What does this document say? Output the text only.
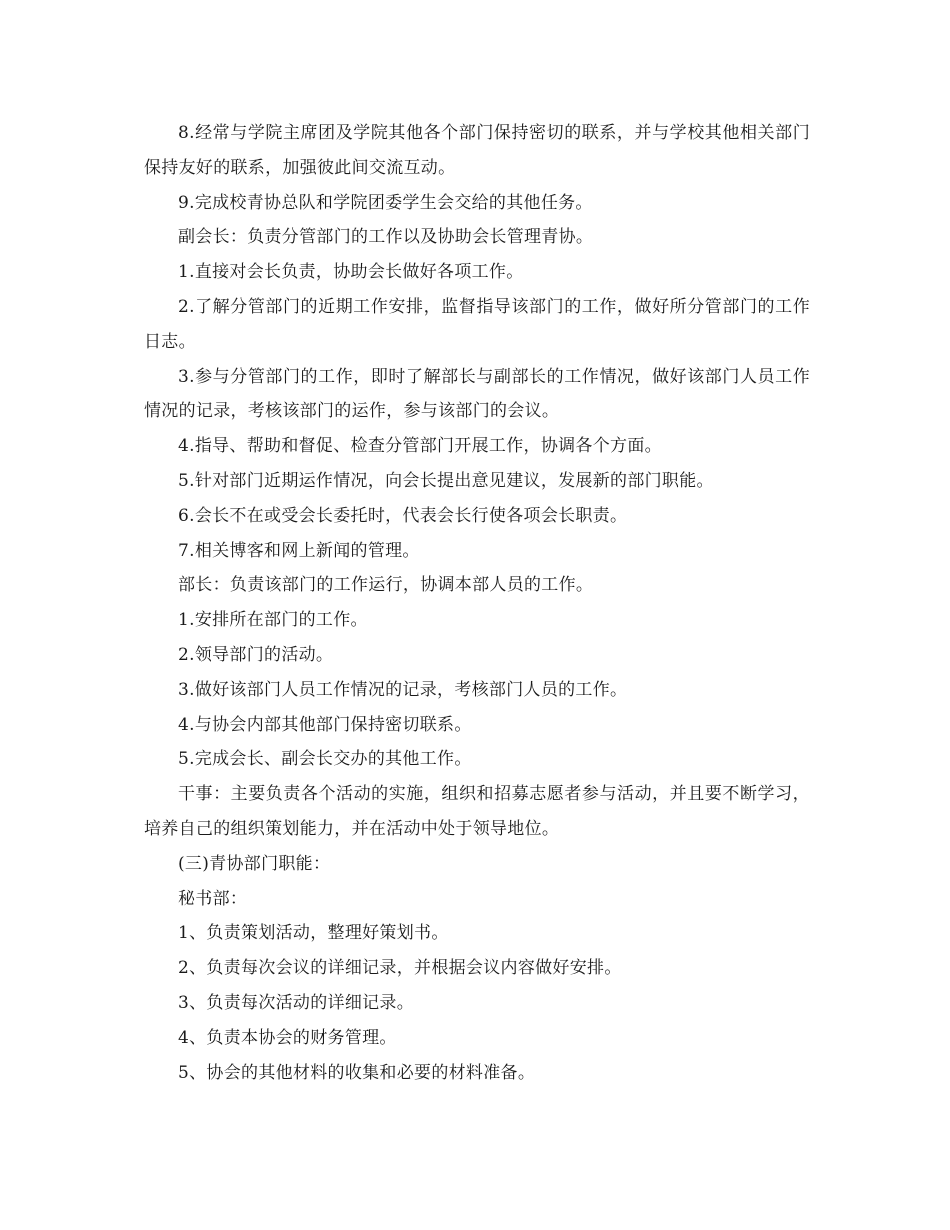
8.经常与学院主席团及学院其他各个部门保持密切的联系，并与学校其他相关部门保持友好的联系，加强彼此间交流互动。

9.完成校青协总队和学院团委学生会交给的其他任务。

副会长：负责分管部门的工作以及协助会长管理青协。

1.直接对会长负责，协助会长做好各项工作。

2.了解分管部门的近期工作安排，监督指导该部门的工作，做好所分管部门的工作日志。

3.参与分管部门的工作，即时了解部长与副部长的工作情况，做好该部门人员工作情况的记录，考核该部门的运作，参与该部门的会议。

4.指导、帮助和督促、检查分管部门开展工作，协调各个方面。

5.针对部门近期运作情况，向会长提出意见建议，发展新的部门职能。

6.会长不在或受会长委托时，代表会长行使各项会长职责。

7.相关博客和网上新闻的管理。

部长：负责该部门的工作运行，协调本部人员的工作。

1.安排所在部门的工作。

2.领导部门的活动。

3.做好该部门人员工作情况的记录，考核部门人员的工作。

4.与协会内部其他部门保持密切联系。

5.完成会长、副会长交办的其他工作。

干事：主要负责各个活动的实施，组织和招募志愿者参与活动，并且要不断学习，培养自己的组织策划能力，并在活动中处于领导地位。

(三)青协部门职能：

秘书部：

1、负责策划活动，整理好策划书。

2、负责每次会议的详细记录，并根据会议内容做好安排。

3、负责每次活动的详细记录。

4、负责本协会的财务管理。

5、协会的其他材料的收集和必要的材料准备。
